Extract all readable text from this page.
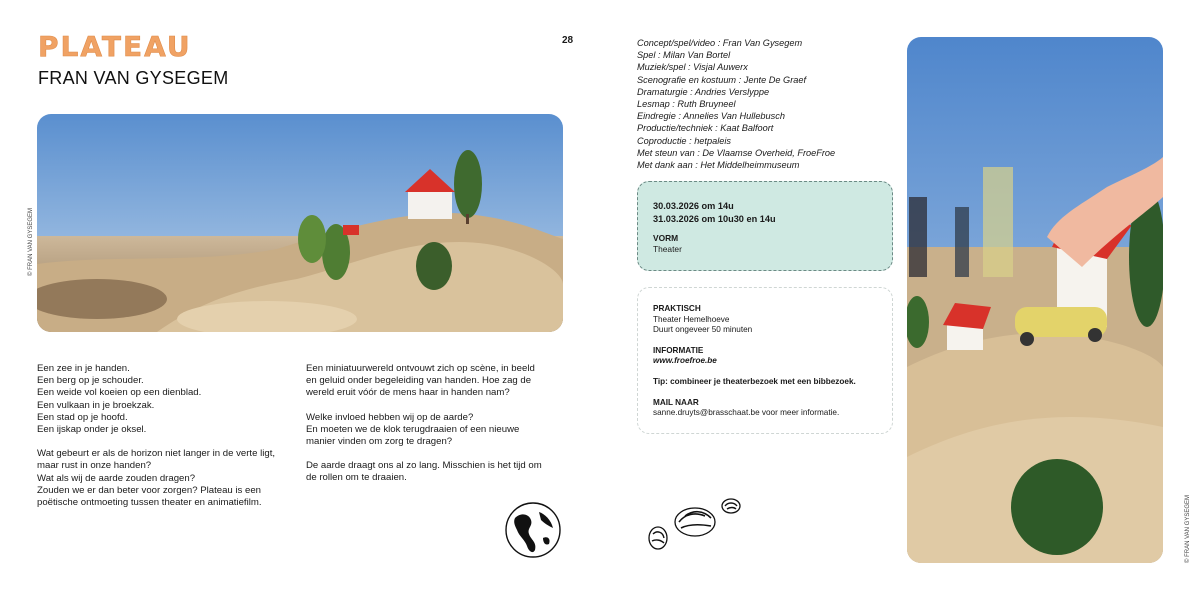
PLATEAU
FRAN VAN GYSEGEM
28
© FRAN VAN GYSEGEM

Een zee in je handen.
Een berg op je schouder.
Een weide vol koeien op een dienblad.
Een vulkaan in je broekzak.
Een stad op je hoofd.
Een ijskap onder je oksel.

Wat gebeurt er als de horizon niet langer in de verte ligt,
maar rust in onze handen?
Wat als wij de aarde zouden dragen?
Zouden we er dan beter voor zorgen? Plateau is een
poëtische ontmoeting tussen theater en animatiefilm.

Een miniatuurwereld ontvouwt zich op scène, in beeld
en geluid onder begeleiding van handen. Hoe zag de
wereld eruit vóór de mens haar in handen nam?

Welke invloed hebben wij op de aarde?
En moeten we de klok terugdraaien of een nieuwe
manier vinden om zorg te dragen?

De aarde draagt ons al zo lang. Misschien is het tijd om
de rollen om te draaien.

Concept/spel/video : Fran Van Gysegem
Spel : Milan Van Bortel
Muziek/spel : Visjal Auwerx
Scenografie en kostuum : Jente De Graef
Dramaturgie : Andries Verslyppe
Lesmap : Ruth Bruyneel
Eindregie : Annelies Van Hullebusch
Productie/techniek : Kaat Balfoort
Coproductie : hetpaleis
Met steun van : De Vlaamse Overheid, FroeFroe
Met dank aan : Het Middelheimmuseum
30.03.2026 om 14u
31.03.2026 om 10u30 en 14u
VORM
Theater
PRAKTISCH
Theater Hemelhoeve
Duurt ongeveer 50 minuten
INFORMATIE
www.froefroe.be
Tip: combineer je theaterbezoek met een bibbezoek.
MAIL NAAR
sanne.druyts@brasschaat.be voor meer informatie.
© FRAN VAN GYSEGEM
